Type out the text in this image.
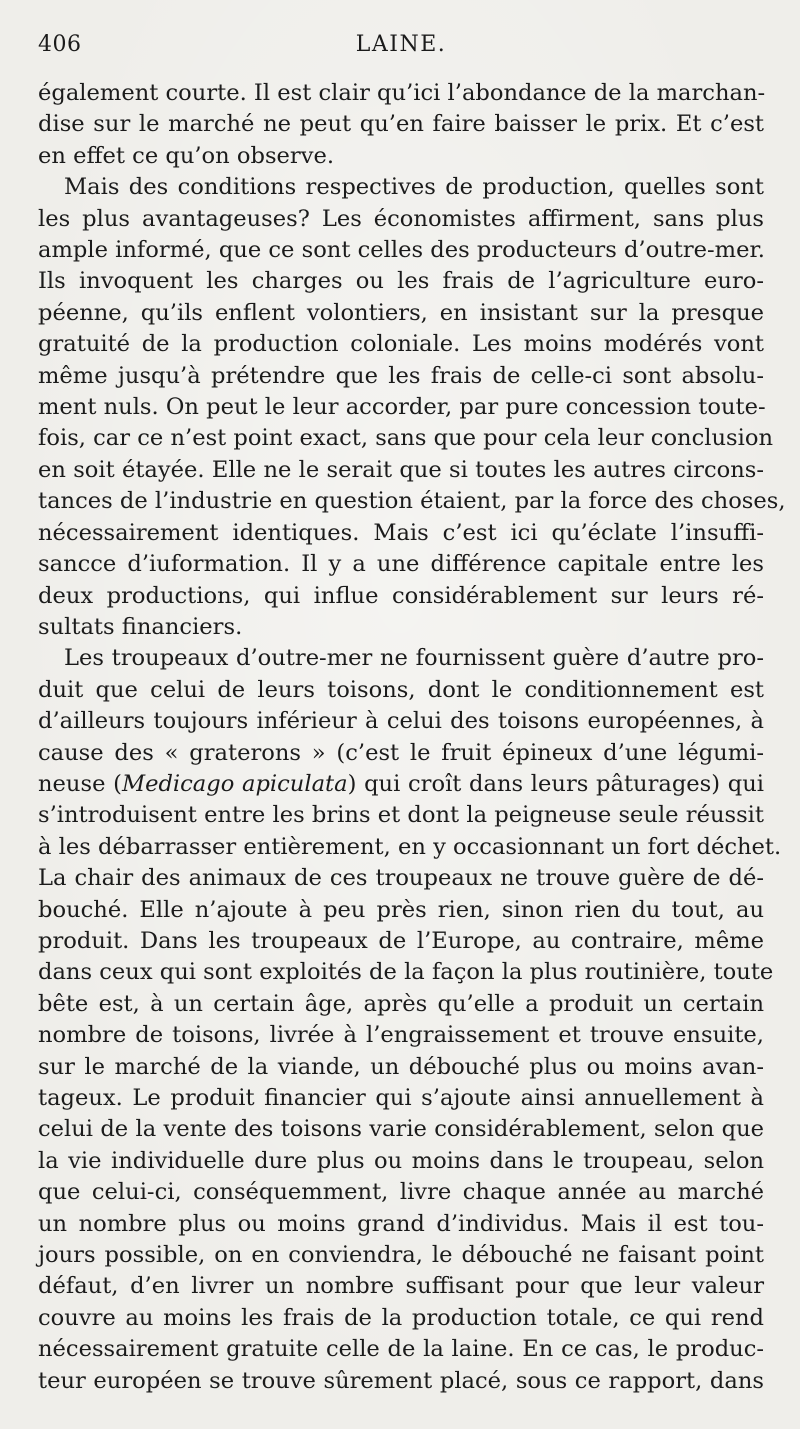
406	LAINE.

également courte. Il est clair qu’ici l’abondance de la marchan-
dise sur le marché ne peut qu’en faire baisser le prix. Et c’est
en effet ce qu’on observe.

Mais des conditions respectives de production, quelles sont
les plus avantageuses? Les économistes affirment, sans plus
ample informé, que ce sont celles des producteurs d’outre-mer.
Ils invoquent les charges ou les frais de l’agriculture euro-
péenne, qu’ils enflent volontiers, en insistant sur la presque
gratuité de la production coloniale. Les moins modérés vont
même jusqu’à prétendre que les frais de celle-ci sont absolu-
ment nuls. On peut le leur accorder, par pure concession toute-
fois, car ce n’est point exact, sans que pour cela leur conclusion
en soit étayée. Elle ne le serait que si toutes les autres circons-
tances de l’industrie en question étaient, par la force des choses,
nécessairement identiques. Mais c’est ici qu’éclate l’insuffi-
sancce d’iuformation. Il y a une différence capitale entre les
deux productions, qui influe considérablement sur leurs ré-
sultats financiers.

Les troupeaux d’outre-mer ne fournissent guère d’autre pro-
duit que celui de leurs toisons, dont le conditionnement est
d’ailleurs toujours inférieur à celui des toisons européennes, à
cause des « graterons » (c’est le fruit épineux d’une légumi-
neuse (Medicago apiculata) qui croît dans leurs pâturages) qui
s’introduisent entre les brins et dont la peigneuse seule réussit
à les débarrasser entièrement, en y occasionnant un fort déchet.
La chair des animaux de ces troupeaux ne trouve guère de dé-
bouché. Elle n’ajoute à peu près rien, sinon rien du tout, au
produit. Dans les troupeaux de l’Europe, au contraire, même
dans ceux qui sont exploités de la façon la plus routinière, toute
bête est, à un certain âge, après qu’elle a produit un certain
nombre de toisons, livrée à l’engraissement et trouve ensuite,
sur le marché de la viande, un débouché plus ou moins avan-
tageux. Le produit financier qui s’ajoute ainsi annuellement à
celui de la vente des toisons varie considérablement, selon que
la vie individuelle dure plus ou moins dans le troupeau, selon
que celui-ci, conséquemment, livre chaque année au marché
un nombre plus ou moins grand d’individus. Mais il est tou-
jours possible, on en conviendra, le débouché ne faisant point
défaut, d’en livrer un nombre suffisant pour que leur valeur
couvre au moins les frais de la production totale, ce qui rend
nécessairement gratuite celle de la laine. En ce cas, le produc-
teur européen se trouve sûrement placé, sous ce rapport, dans
